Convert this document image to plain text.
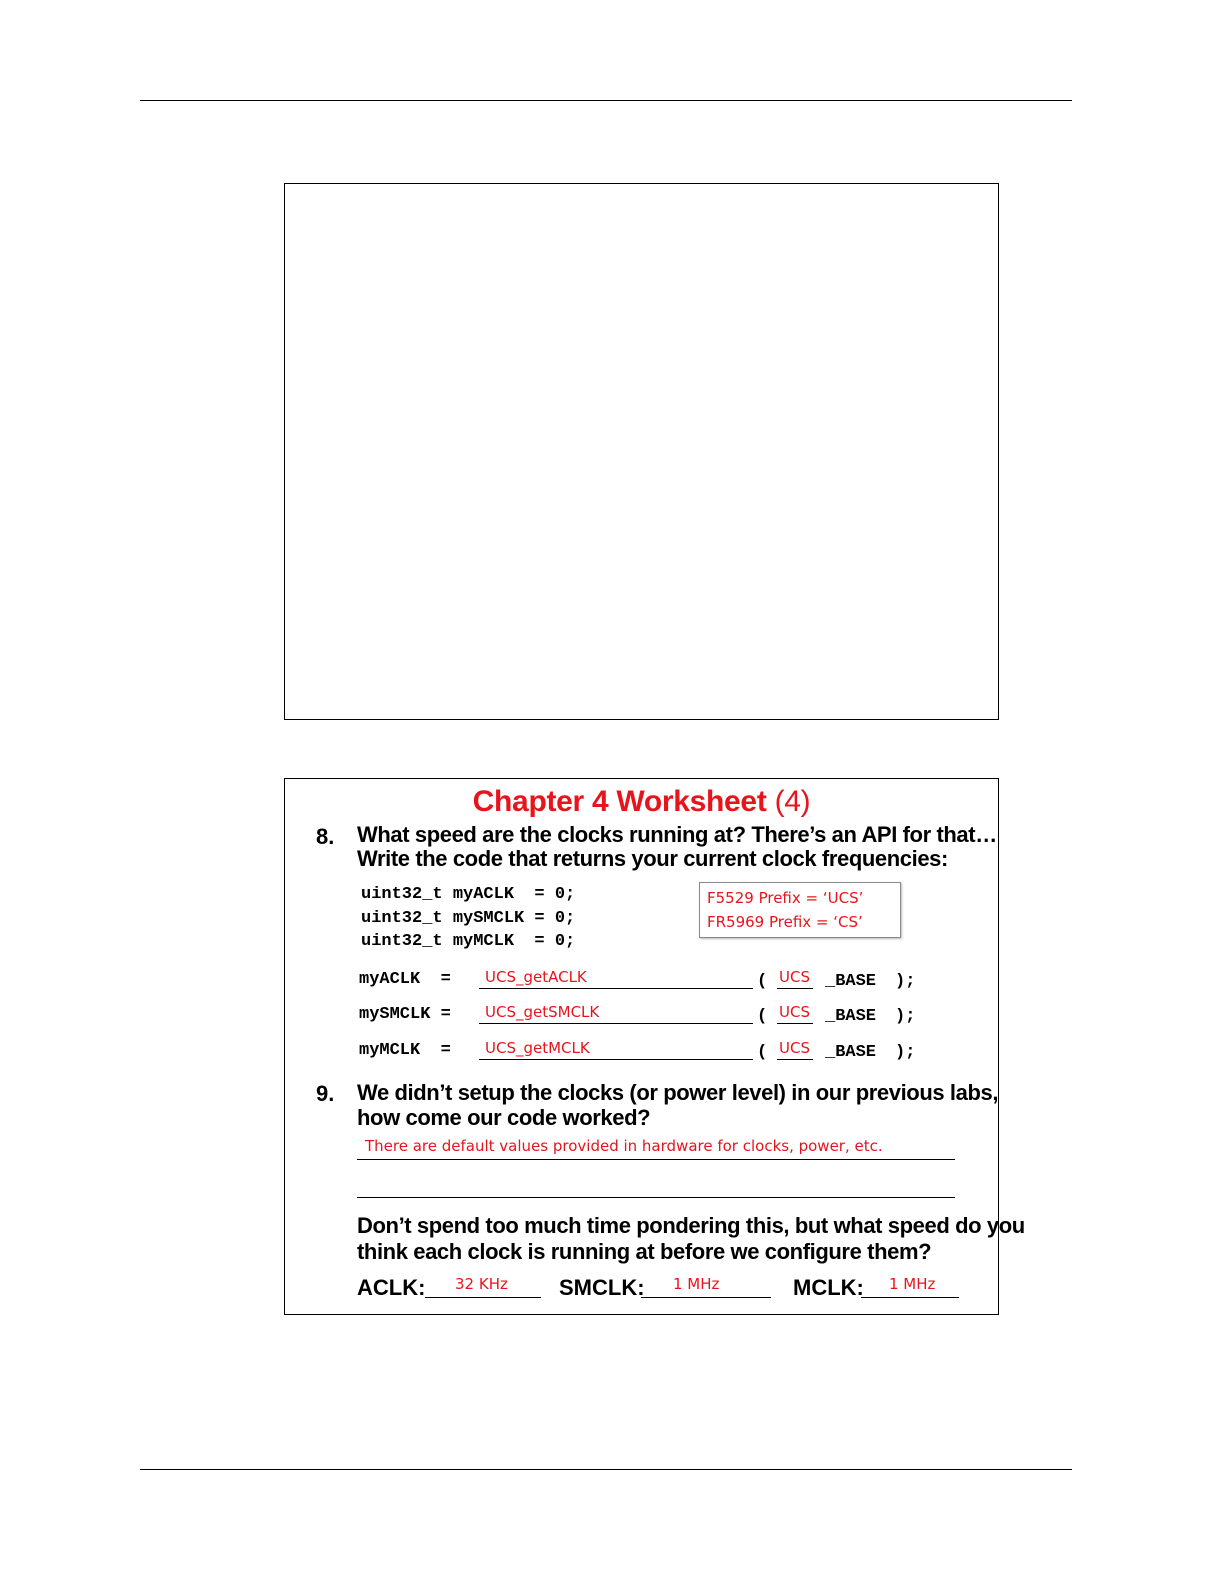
Chapter 4 Worksheet (4)
8. What speed are the clocks running at? There’s an API for that…
Write the code that returns your current clock frequencies:
uint32_t myACLK  = 0;
uint32_t mySMCLK = 0;
uint32_t myMCLK  = 0;
F5529 Prefix = ‘UCS’
FR5969 Prefix = ‘CS’
myACLK  = UCS_getACLK	( UCS _BASE );
mySMCLK = UCS_getSMCLK	( UCS _BASE );
myMCLK  = UCS_getMCLK	( UCS _BASE );
9. We didn’t setup the clocks (or power level) in our previous labs,
how come our code worked?
There are default values provided in hardware for clocks, power, etc.
Don’t spend too much time pondering this, but what speed do you
think each clock is running at before we configure them?
ACLK: 32 KHz SMCLK: 1 MHz	MCLK: 1 MHz
